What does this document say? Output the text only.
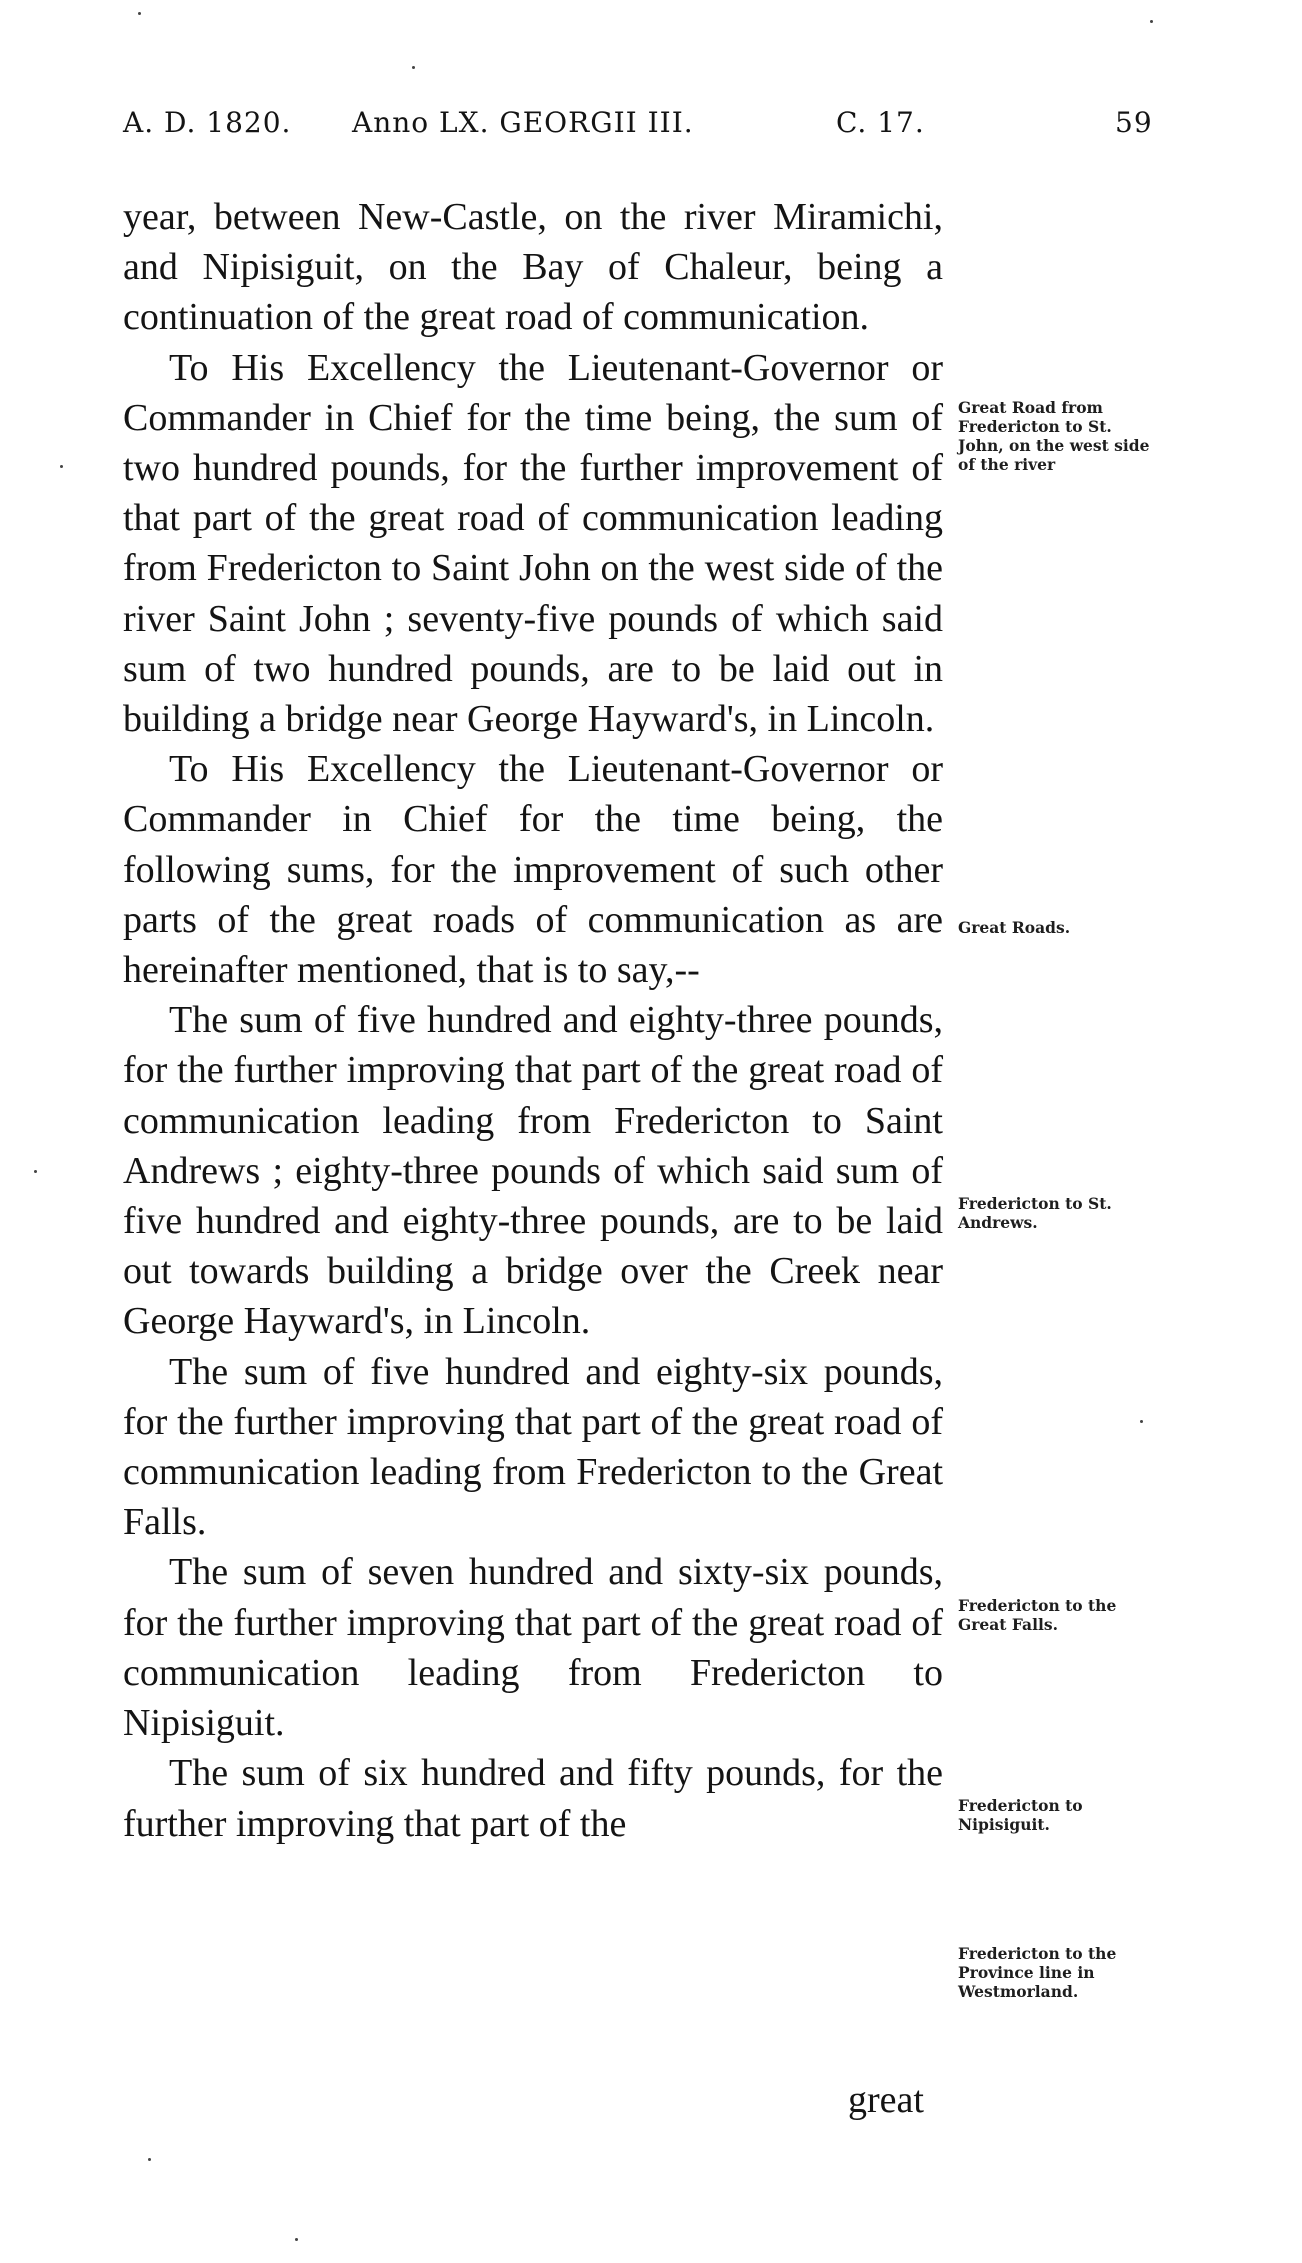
A. D. 1820. Anno LX. GEORGII III.	C. 17.	59

year, between New-Castle, on the river Miramichi, and Nipisiguit, on the Bay of Chaleur, being a continuation of the great road of communication.

To His Excellency the Lieutenant-Governor or Commander in Chief for the time being, the sum of two hundred pounds, for the further improvement of that part of the great road of communication leading from Fredericton to Saint John on the west side of the river Saint John ; seventy-five pounds of which said sum of two hundred pounds, are to be laid out in building a bridge near George Hayward's, in Lincoln.

To His Excellency the Lieutenant-Governor or Commander in Chief for the time being, the following sums, for the improvement of such other parts of the great roads of communication as are hereinafter mentioned, that is to say,--

The sum of five hundred and eighty-three pounds, for the further improving that part of the great road of communication leading from Fredericton to Saint Andrews ; eighty-three pounds of which said sum of five hundred and eighty-three pounds, are to be laid out towards building a bridge over the Creek near George Hayward's, in Lincoln.

The sum of five hundred and eighty-six pounds, for the further improving that part of the great road of communication leading from Fredericton to the Great Falls.

The sum of seven hundred and sixty-six pounds, for the further improving that part of the great road of communication leading from Fredericton to Nipisiguit.

The sum of six hundred and fifty pounds, for the further improving that part of the

Great Road from Fredericton to St. John, on the west side of the river
Great Roads.
Fredericton to St. Andrews.
Fredericton to the Great Falls.
Fredericton to Nipisiguit.
Fredericton to the Province line in Westmorland.
great
